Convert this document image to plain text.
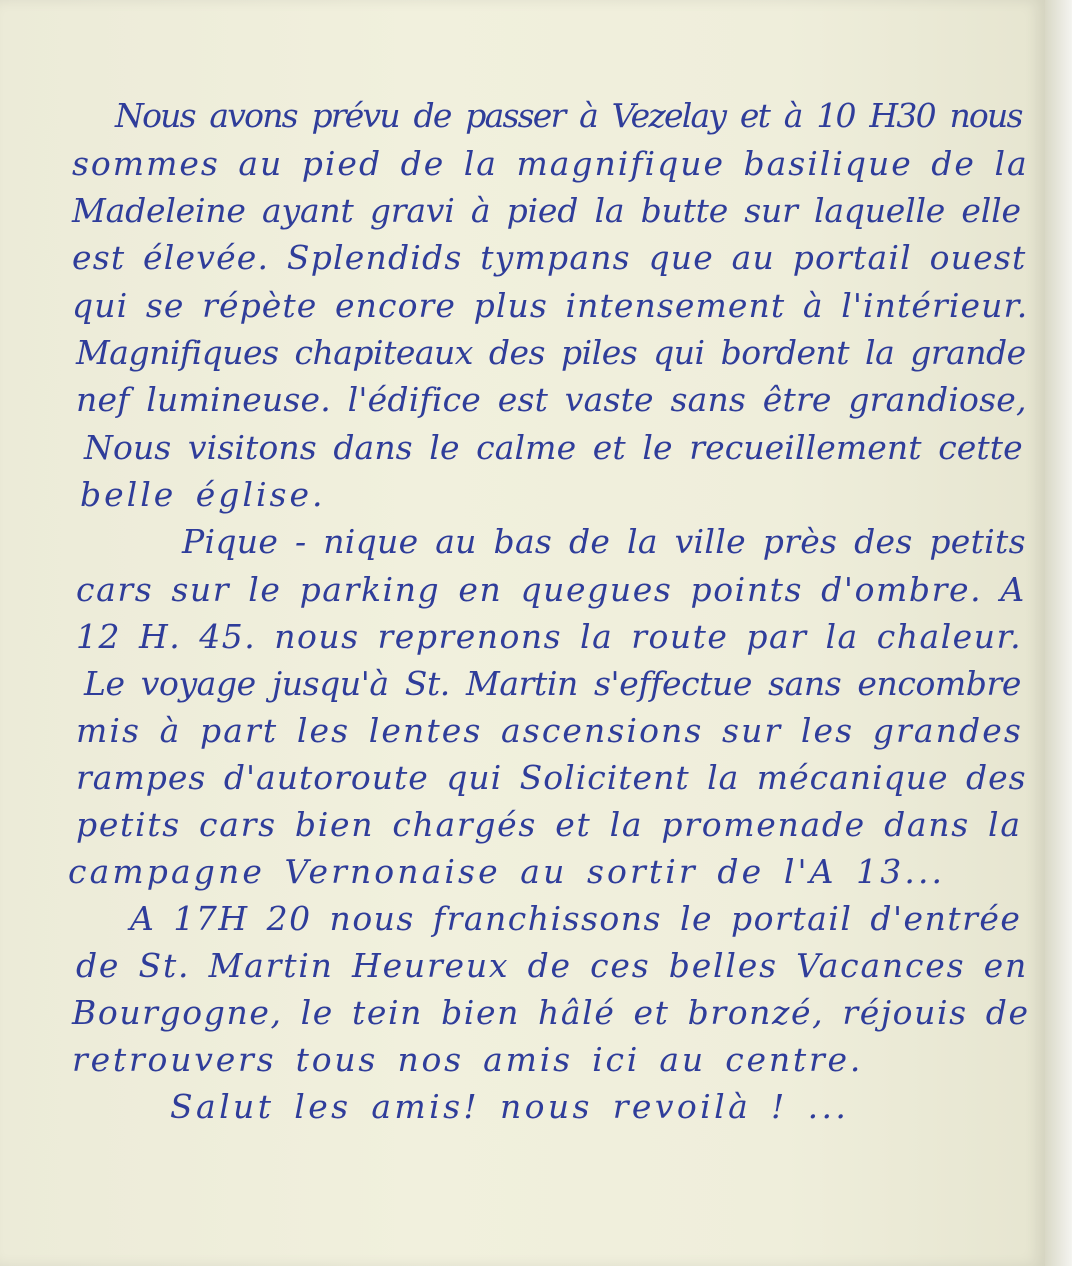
Nous avons prévu de passer à Vezelay et à 10 H30 nous
sommes au pied de la magnifique basilique de la
Madeleine ayant gravi à pied la butte sur laquelle elle
est élevée. Splendids tympans que au portail ouest
qui se répète encore plus intensement à l'intérieur.
Magnifiques chapiteaux des piles qui bordent la grande
nef lumineuse. l'édifice est vaste sans être grandiose,
Nous visitons dans le calme et le recueillement cette
belle église.
Pique - nique au bas de la ville près des petits
cars sur le parking en quegues points d'ombre. A
12 H. 45. nous reprenons la route par la chaleur.
Le voyage jusqu'à St. Martin s'effectue sans encombre
mis à part les lentes ascensions sur les grandes
rampes d'autoroute qui Solicitent la mécanique des
petits cars bien chargés et la promenade dans la
campagne Vernonaise au sortir de l'A 13...
A 17H 20 nous franchissons le portail d'entrée
de St. Martin Heureux de ces belles Vacances en
Bourgogne, le tein bien hâlé et bronzé, réjouis de
retrouvers tous nos amis ici au centre.
Salut les amis! nous revoilà ! ...
